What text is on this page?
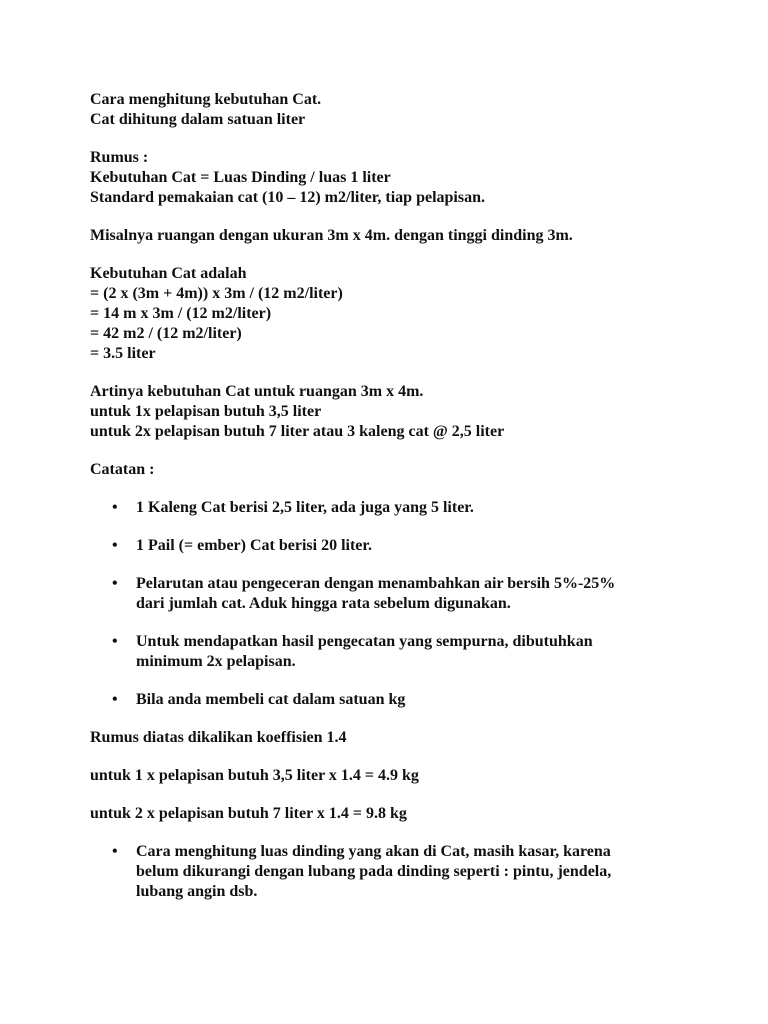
Cara menghitung kebutuhan Cat.
Cat dihitung dalam satuan liter

Rumus :
Kebutuhan Cat = Luas Dinding / luas 1 liter
Standard pemakaian cat (10 – 12) m2/liter, tiap pelapisan.

Misalnya ruangan dengan ukuran 3m x 4m. dengan tinggi dinding 3m.

Kebutuhan Cat adalah
= (2 x (3m + 4m)) x 3m / (12 m2/liter)
= 14 m x 3m / (12 m2/liter)
= 42 m2 / (12 m2/liter)
= 3.5 liter

Artinya kebutuhan Cat untuk ruangan 3m x 4m.
untuk 1x pelapisan butuh 3,5 liter
untuk 2x pelapisan butuh 7 liter atau 3 kaleng cat @ 2,5 liter

Catatan :

• 1 Kaleng Cat berisi 2,5 liter, ada juga yang 5 liter.
• 1 Pail (= ember) Cat berisi 20 liter.
• Pelarutan atau pengeceran dengan menambahkan air bersih 5%-25%
dari jumlah cat. Aduk hingga rata sebelum digunakan.
• Untuk mendapatkan hasil pengecatan yang sempurna, dibutuhkan
minimum 2x pelapisan.
• Bila anda membeli cat dalam satuan kg

Rumus diatas dikalikan koeffisien 1.4

untuk 1 x pelapisan butuh 3,5 liter x 1.4 = 4.9 kg

untuk 2 x pelapisan butuh 7 liter x 1.4 = 9.8 kg

• Cara menghitung luas dinding yang akan di Cat, masih kasar, karena
belum dikurangi dengan lubang pada dinding seperti : pintu, jendela,
lubang angin dsb.
